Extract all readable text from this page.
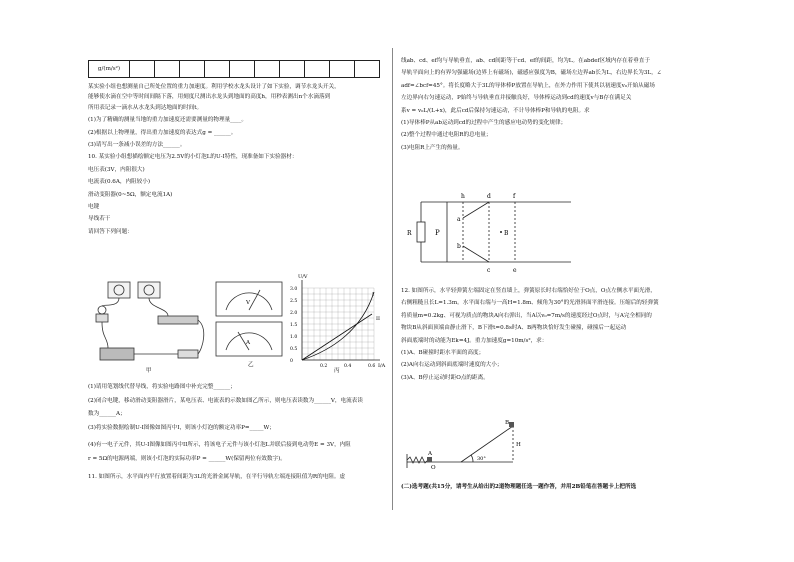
g/(m/s²)										
某实验小组也想测量自己所处位置的重力加速度。利用学校水龙头设计了如下实验，调节水龙头开关，
能够使水滴在空中等时间间隔下落，用刻度尺测出水龙头到地面的高度h，用秒表测出n个水滴落到
所用表记录一滴水从水龙头到达地面的时间t。
(1)为了精确的测量当地的重力加速度还需要测量的物理量____。
(2)根据以上物理量，得出重力加速度的表达式g = ______。
(3)请写出一条减小误差的方法______。
10. 某实验小组想描绘额定电压为2.5V的小灯泡L的U-I特性，现准备如下实验器材：
电压表(3V，内阻很大)
电流表(0.6A，内阻较小)
滑动变阻器(0~5Ω，额定电流1A)
电键
导线若干
请回答下列问题：
甲
V
A
乙
3.0
2.5
2.0
1.5
1.0
0.5
0
0.2	0.4	0.6
U/V
I/A
I
II
丙
(1)请用笔划线代替导线，将实验电路图中补充完整______；
(2)闭合电键，移动滑动变阻器滑片，某电压表、电流表的示数如图乙所示，则电压表读数为______V，电流表读
数为______A；
(3)将实验数据绘制U-I图像如图丙中I，则该小灯泡的额定功率P=_____W；
(4)有一电子元件，其U-I图像如图丙中II所示，将该电子元件与该小灯泡L并联后接到电动势E = 3V，内阻
r = 5Ω的电源两端，则该小灯泡的实际功率P = ______W(保留两位有效数字)。
11. 如图所示，水平面内平行放置着间距为3L的光滑金属导轨，在平行导轨左端连接阻值为R的电阻。虚
线ab、cd、ef均与导轨垂直，ab、cd间距等于cd、ef的间距，均为L。在abdef区域内存在着垂直于
导轨平面向上的有界匀强磁场(边界上有磁场)，磁感应强度为B，磁场左边界ab长为L，右边界长为3L，∠
adf=∠bcf=45°。将长度略大于3L的导体棒P放置在导轨上，在外力作用下使其以初速度v₀开始从磁场
左边界向右匀速运动，P始终与导轨垂直并接触良好，导体棒运动到cd的速度v与B存在满足关
系v = v₀L/(L+x)，此后cd后保持匀速运动，不计导体棒P和导轨的电阻。求
(1)导体棒P从ab运动到cd的过程中产生的感应电动势的变化规律；
(2)整个过程中通过电阻R的总电量；
(3)电阻R上产生的热量。
h	d	f
a
b
c	e
R	P	B
12. 如图所示，水平轻弹簧左端固定在竖直墙上，弹簧原长时右端恰好位于O点，O点左侧水平面光滑，
右侧粗糙且长L=1.3m。水平面右端与一高H=1.8m、倾角为30°的光滑斜面平滑连接。压缩后的轻弹簧
将质量m=0.2kg、可视为质点的物块A向右弹出，当A以v₀=7m/s的速度经过O点时，与A完全相同的
物块B从斜面顶端由静止滑下，B下滑t=0.8s时A、B两物块恰好发生碰撞，碰撞后一起运动
斜面底端时的动能为Ek=4J。重力加速度g=10m/s²，求：
(1)A、B碰撞时距水平面的高度；
(2)A向右运动到斜面底端时速度的大小；
(3)A、B停止运动时距O点的距离。
B
A
O
H
30°
(二)选考题(共15分，请考生从给出的2道物理题任选一题作答，并用2B铅笔在答题卡上把所选
